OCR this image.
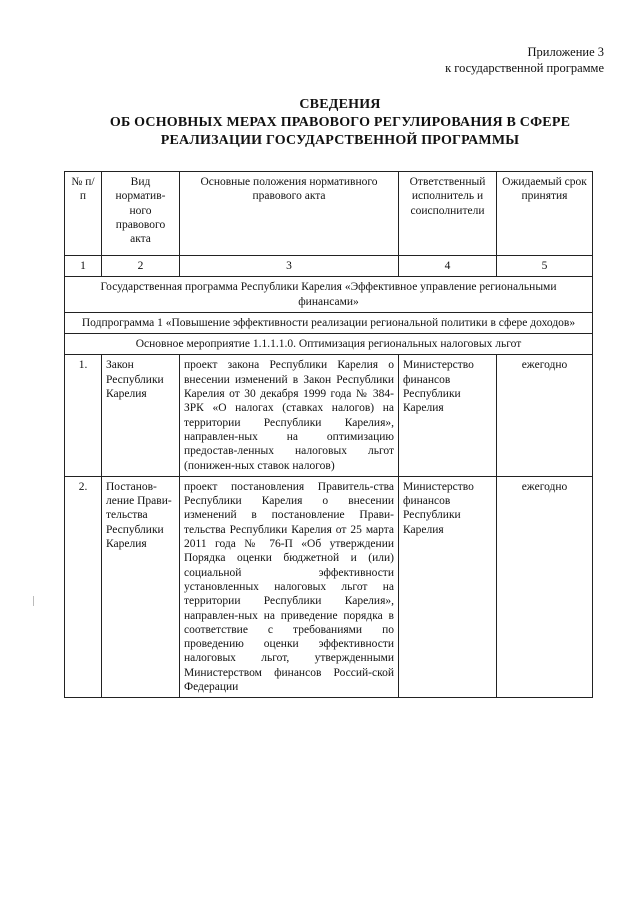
Приложение 3
к государственной программе
СВЕДЕНИЯ
ОБ ОСНОВНЫХ МЕРАХ ПРАВОВОГО РЕГУЛИРОВАНИЯ В СФЕРЕ
РЕАЛИЗАЦИИ ГОСУДАРСТВЕННОЙ ПРОГРАММЫ
№ п/п	Вид норматив-ного правового акта	Основные положения нормативного правового акта	Ответственный исполнитель и соисполнители	Ожидаемый срок принятия
1	2	3	4	5
Государственная программа Республики Карелия «Эффективное управление региональными финансами»				
Подпрограмма 1 «Повышение эффективности реализации региональной политики в сфере доходов»				
Основное мероприятие 1.1.1.1.0. Оптимизация региональных налоговых льгот				
1.	Закон Республики Карелия	проект закона Республики Карелия о внесении изменений в Закон Республики Карелия от 30 декабря 1999 года № 384-ЗРК «О налогах (ставках налогов) на территории Республики Карелия», направлен-ных на оптимизацию предостав-ленных налоговых льгот (понижен-ных ставок налогов)	Министерство финансов Республики Карелия	ежегодно
2.	Постанов-ление Прави-тельства Республики Карелия	проект постановления Правитель-ства Республики Карелия о внесении изменений в постановление Прави-тельства Республики Карелия от 25 марта 2011 года № 76-П «Об утверждении Порядка оценки бюджетной и (или) социальной эффективности установленных налоговых льгот на территории Республики Карелия», направлен-ных на приведение порядка в соответствие с требованиями по проведению оценки эффективности налоговых льгот, утвержденными Министерством финансов Россий-ской Федерации	Министерство финансов Республики Карелия	ежегодно
